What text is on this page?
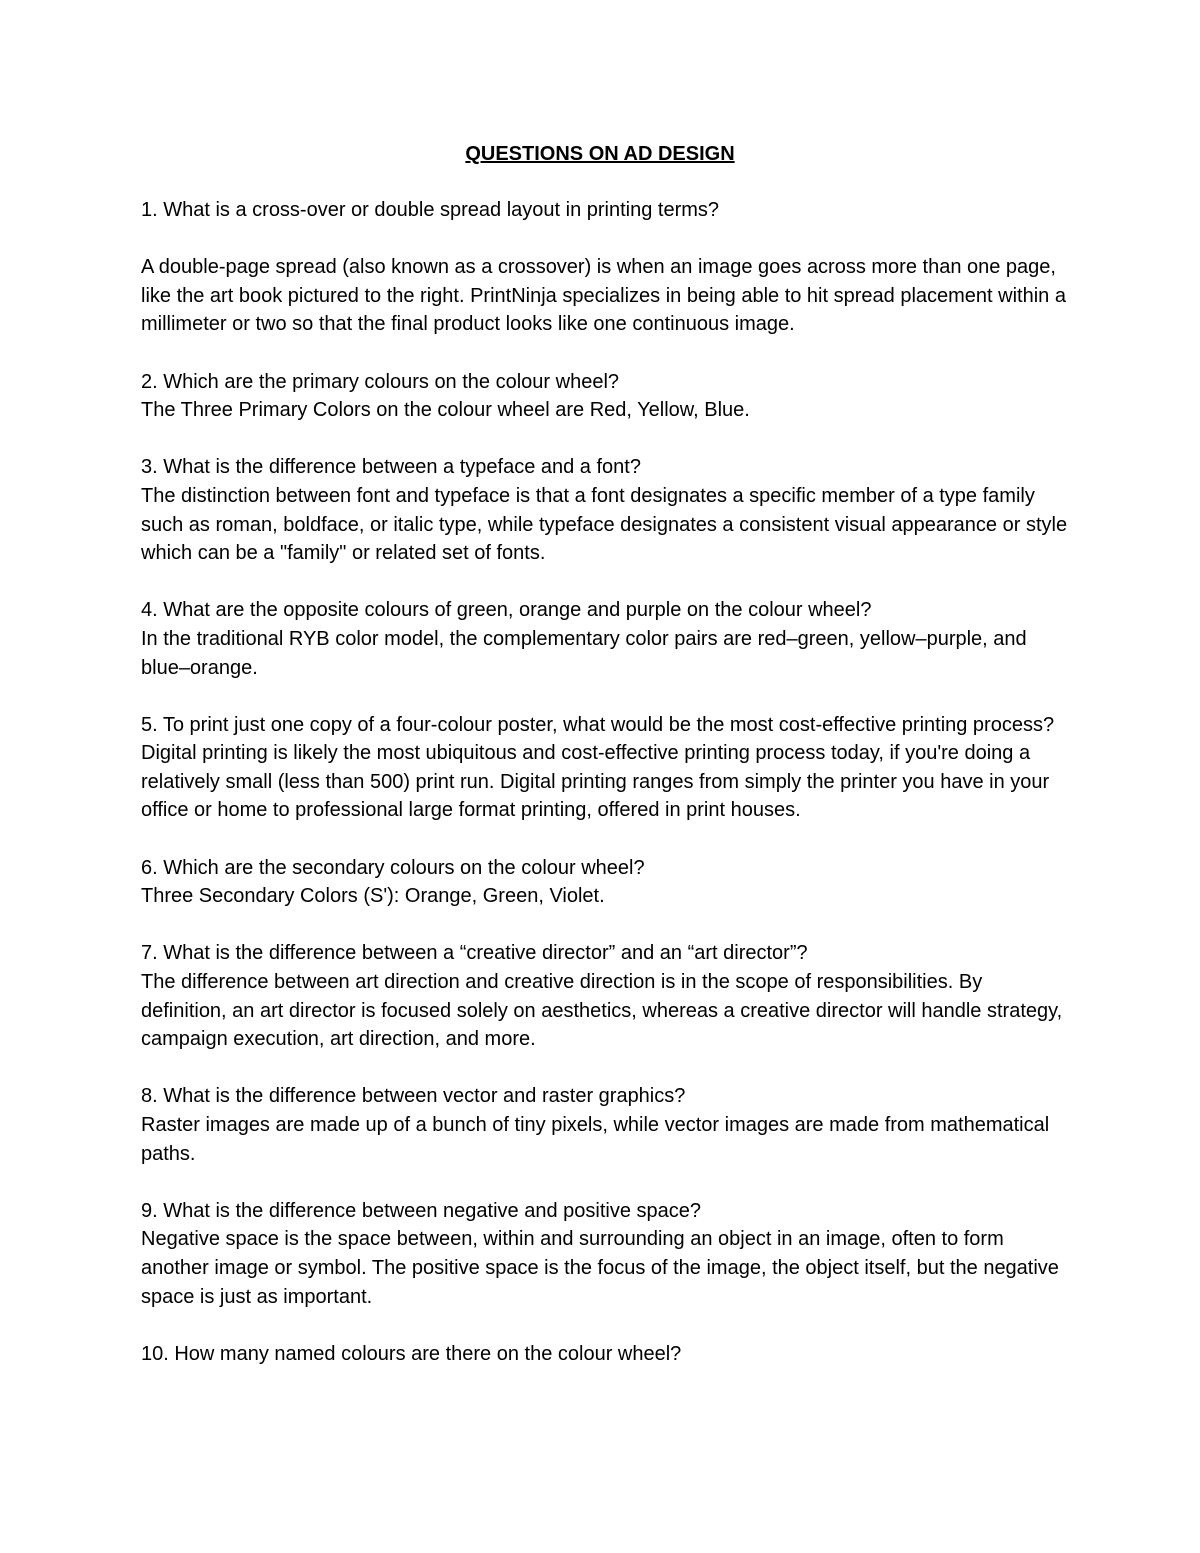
QUESTIONS ON AD DESIGN

1. What is a cross-over or double spread layout in printing terms?

A double-page spread (also known as a crossover) is when an image goes across more than one page, like the art book pictured to the right. PrintNinja specializes in being able to hit spread placement within a millimeter or two so that the final product looks like one continuous image.

2. Which are the primary colours on the colour wheel?

The Three Primary Colors on the colour wheel are Red, Yellow, Blue.

3. What is the difference between a typeface and a font?

The distinction between font and typeface is that a font designates a specific member of a type family such as roman, boldface, or italic type, while typeface designates a consistent visual appearance or style which can be a "family" or related set of fonts.

4. What are the opposite colours of green, orange and purple on the colour wheel?

In the traditional RYB color model, the complementary color pairs are red–green, yellow–purple, and blue–orange.

5. To print just one copy of a four-colour poster, what would be the most cost-effective printing process?

Digital printing is likely the most ubiquitous and cost-effective printing process today, if you're doing a relatively small (less than 500) print run. Digital printing ranges from simply the printer you have in your office or home to professional large format printing, offered in print houses.

6. Which are the secondary colours on the colour wheel?

Three Secondary Colors (S'): Orange, Green, Violet.

7. What is the difference between a “creative director” and an “art director”?

The difference between art direction and creative direction is in the scope of responsibilities. By definition, an art director is focused solely on aesthetics, whereas a creative director will handle strategy, campaign execution, art direction, and more.

8. What is the difference between vector and raster graphics?

Raster images are made up of a bunch of tiny pixels, while vector images are made from mathematical paths.

9. What is the difference between negative and positive space?

Negative space is the space between, within and surrounding an object in an image, often to form another image or symbol. The positive space is the focus of the image, the object itself, but the negative space is just as important.

10. How many named colours are there on the colour wheel?
